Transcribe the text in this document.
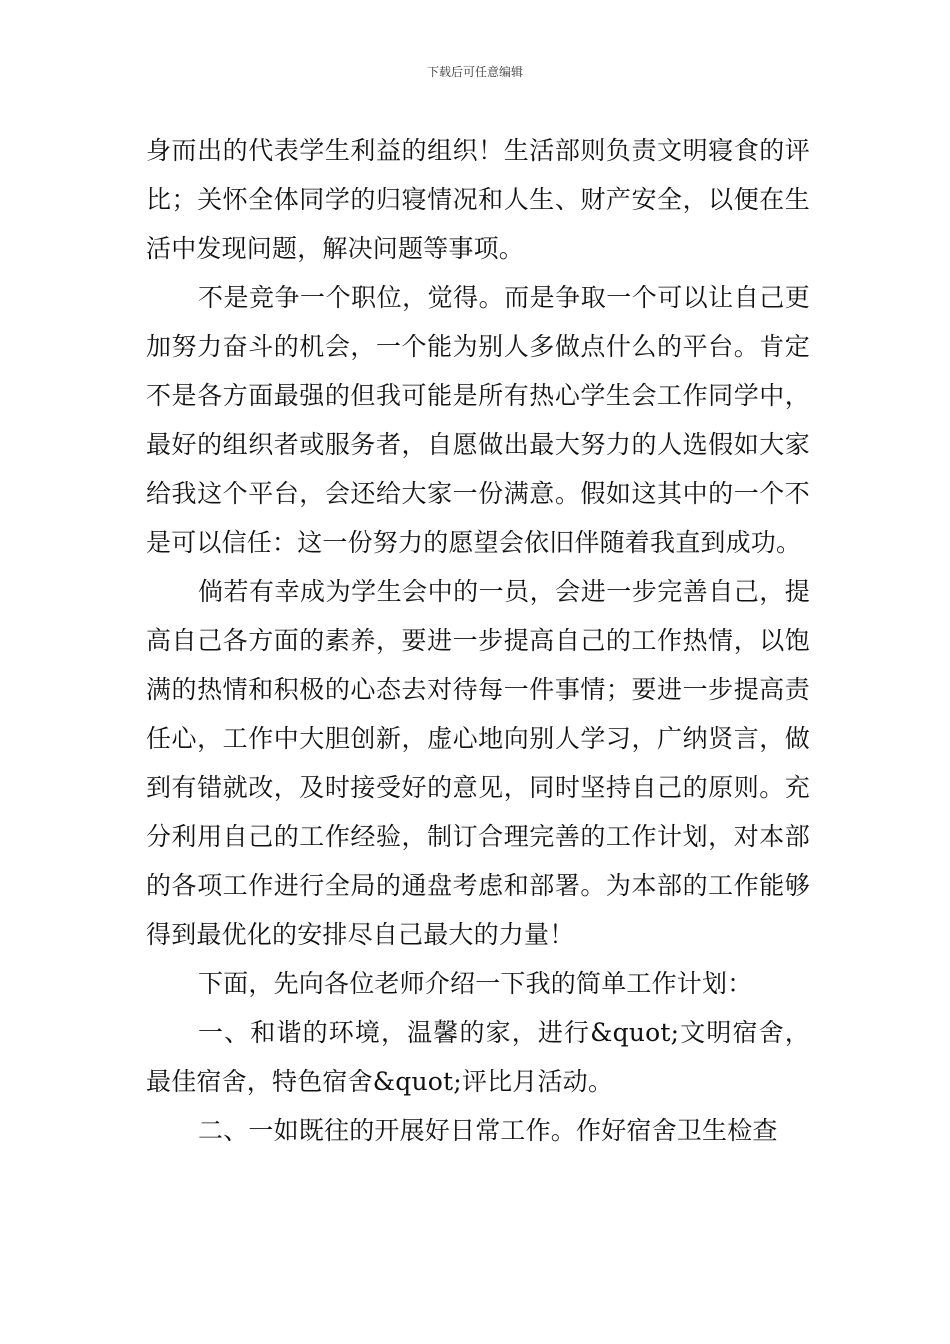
下载后可任意编辑

身而出的代表学生利益的组织！生活部则负责文明寝食的评比；关怀全体同学的归寝情况和人生、财产安全，以便在生活中发现问题，解决问题等事项。

不是竞争一个职位，觉得。而是争取一个可以让自己更加努力奋斗的机会，一个能为别人多做点什么的平台。肯定不是各方面最强的但我可能是所有热心学生会工作同学中，最好的组织者或服务者，自愿做出最大努力的人选假如大家给我这个平台，会还给大家一份满意。假如这其中的一个不是可以信任：这一份努力的愿望会依旧伴随着我直到成功。

倘若有幸成为学生会中的一员，会进一步完善自己，提高自己各方面的素养，要进一步提高自己的工作热情，以饱满的热情和积极的心态去对待每一件事情；要进一步提高责任心，工作中大胆创新，虚心地向别人学习，广纳贤言，做到有错就改，及时接受好的意见，同时坚持自己的原则。充分利用自己的工作经验，制订合理完善的工作计划，对本部的各项工作进行全局的通盘考虑和部署。为本部的工作能够得到最优化的安排尽自己最大的力量！

下面，先向各位老师介绍一下我的简单工作计划：

一、和谐的环境，温馨的家，进行&quot;文明宿舍，最佳宿舍，特色宿舍&quot;评比月活动。

二、一如既往的开展好日常工作。作好宿舍卫生检查
